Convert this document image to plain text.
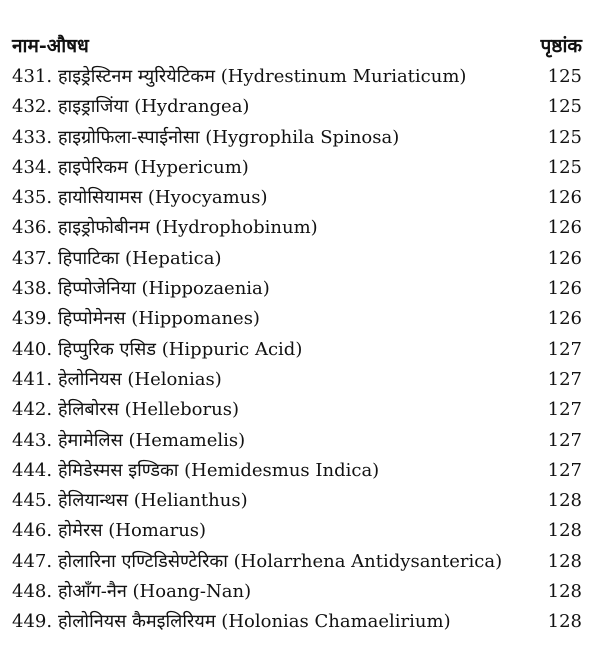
नाम-औषध	पृष्ठांक
431. हाइड्रेस्टिनम म्युरियेटिकम (Hydrestinum Muriaticum)	125
432. हाइड्राजिंया (Hydrangea)	125
433. हाइग्रोफिला-स्पाईनोसा (Hygrophila Spinosa)	125
434. हाइपेरिकम (Hypericum)	125
435. हायोसियामस (Hyocyamus)	126
436. हाइड्रोफोबीनम (Hydrophobinum)	126
437. हिपाटिका (Hepatica)	126
438. हिप्पोजेनिया (Hippozaenia)	126
439. हिप्पोमेनस (Hippomanes)	126
440. हिप्पुरिक एसिड (Hippuric Acid)	127
441. हेलोनियस (Helonias)	127
442. हेलिबोरस (Helleborus)	127
443. हेमामेलिस (Hemamelis)	127
444. हेमिडेस्मस इण्डिका (Hemidesmus Indica)	127
445. हेलियान्थस (Helianthus)	128
446. होमेरस (Homarus)	128
447. होलारिना एण्टिडिसेण्टेरिका (Holarrhena Antidysanterica)	128
448. होआँग-नैन (Hoang-Nan)	128
449. होलोनियस कैमइलिरियम (Holonias Chamaelirium)	128
